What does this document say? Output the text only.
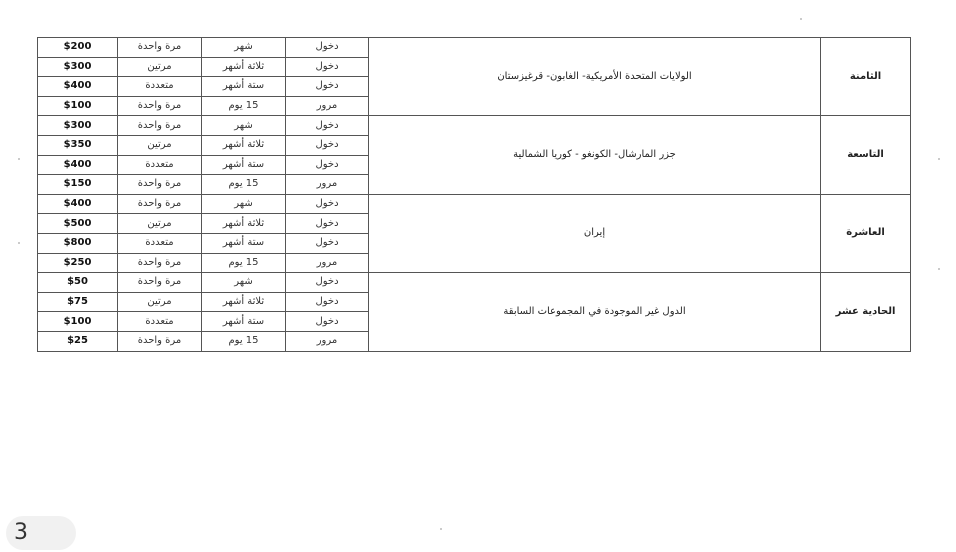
$200	مرة واحدة	شهر	دخول	الولايات المتحدة الأمريكية- الغابون- قرغيزستان		الثامنة
$300	مرتين	ثلاثة أشهر	دخول		
$400	متعددة	ستة أشهر	دخول		
$100	مرة واحدة	15 يوم	مرور		
$300	مرة واحدة	شهر	دخول	جزر المارشال- الكونغو - كوريا الشمالية		التاسعة
$350	مرتين	ثلاثة أشهر	دخول		
$400	متعددة	ستة أشهر	دخول		
$150	مرة واحدة	15 يوم	مرور		
$400	مرة واحدة	شهر	دخول	إيران		العاشرة
$500	مرتين	ثلاثة أشهر	دخول		
$800	متعددة	ستة أشهر	دخول		
$250	مرة واحدة	15 يوم	مرور		
$50	مرة واحدة	شهر	دخول	الدول غير الموجودة في المجموعات السابقة		الحادية عشر
$75	مرتين	ثلاثة أشهر	دخول		
$100	متعددة	ستة أشهر	دخول		
$25	مرة واحدة	15 يوم	مرور		
3
